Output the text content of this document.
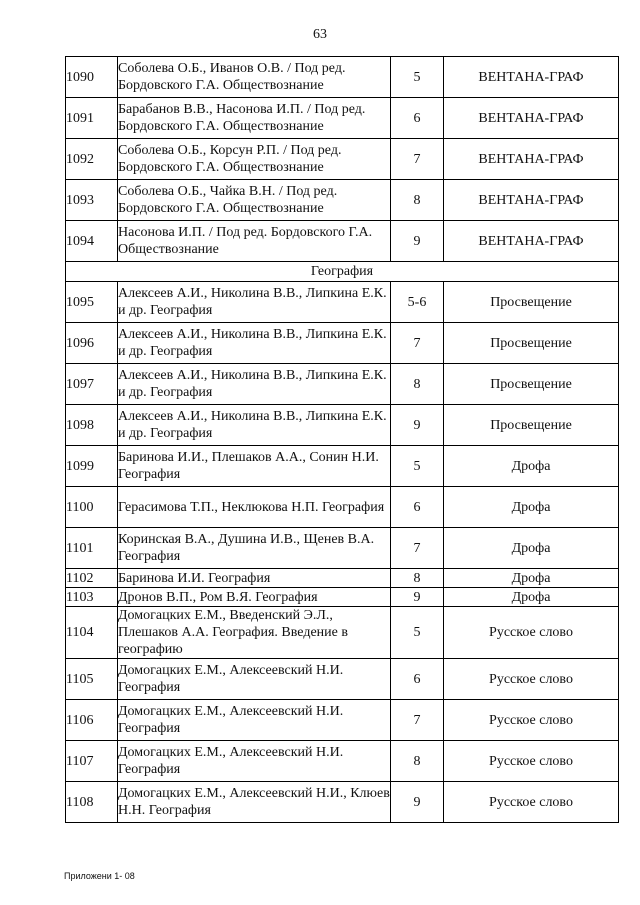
63
1090	Соболева О.Б., Иванов О.В. / Под ред. Бордовского Г.А. Обществознание	5	ВЕНТАНА-ГРАФ
1091	Барабанов В.В., Насонова И.П. / Под ред. Бордовского Г.А. Обществознание	6	ВЕНТАНА-ГРАФ
1092	Соболева О.Б., Корсун Р.П. / Под ред. Бордовского Г.А. Обществознание	7	ВЕНТАНА-ГРАФ
1093	Соболева О.Б., Чайка В.Н. / Под ред. Бордовского Г.А. Обществознание	8	ВЕНТАНА-ГРАФ
1094	Насонова И.П. / Под ред. Бордовского Г.А. Обществознание	9	ВЕНТАНА-ГРАФ
География			
1095	Алексеев А.И., Николина В.В., Липкина Е.К. и др. География	5-6	Просвещение
1096	Алексеев А.И., Николина В.В., Липкина Е.К. и др. География	7	Просвещение
1097	Алексеев А.И., Николина В.В., Липкина Е.К. и др. География	8	Просвещение
1098	Алексеев А.И., Николина В.В., Липкина Е.К. и др. География	9	Просвещение
1099	Баринова И.И., Плешаков А.А., Сонин Н.И. География	5	Дрофа
1100	Герасимова Т.П., Неклюкова Н.П. География	6	Дрофа
1101	Коринская В.А., Душина И.В., Щенев В.А. География	7	Дрофа
1102	Баринова И.И. География	8	Дрофа
1103	Дронов В.П., Ром В.Я. География	9	Дрофа
1104	Домогацких Е.М., Введенский Э.Л., Плешаков А.А. География. Введение в географию	5	Русское слово
1105	Домогацких Е.М., Алексеевский Н.И. География	6	Русское слово
1106	Домогацких Е.М., Алексеевский Н.И. География	7	Русское слово
1107	Домогацких Е.М., Алексеевский Н.И. География	8	Русское слово
1108	Домогацких Е.М., Алексеевский Н.И., Клюев Н.Н. География	9	Русское слово
Приложени 1- 08
